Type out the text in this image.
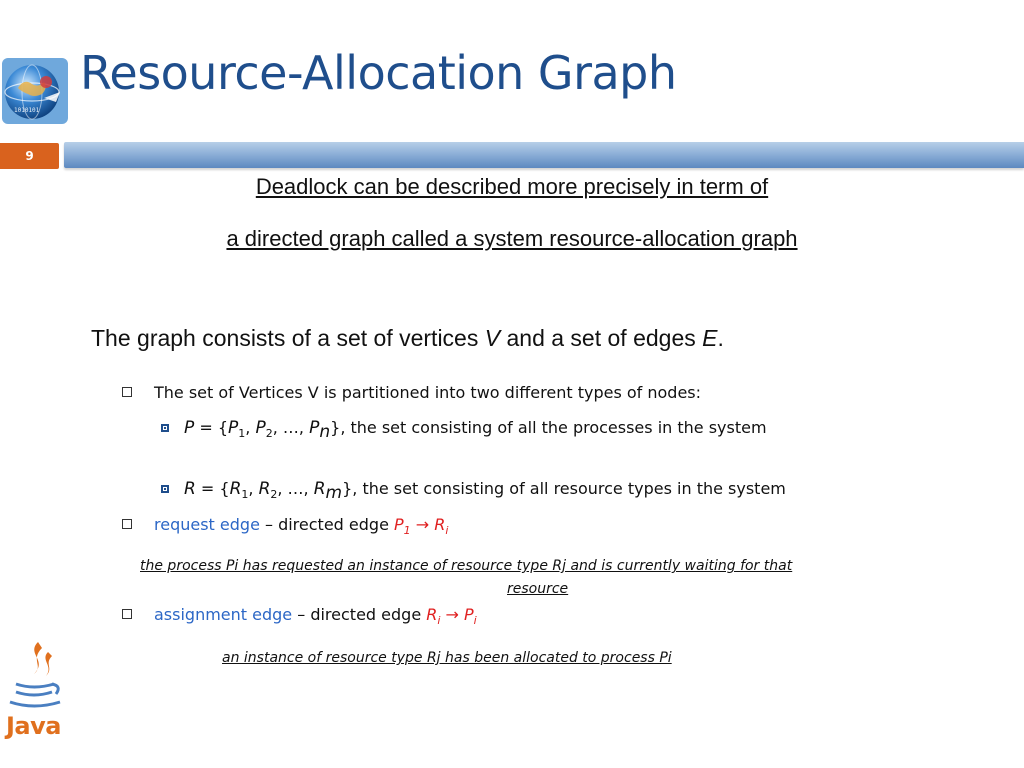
1010101
Resource-Allocation Graph
9
Deadlock can be described more precisely in term of
a directed graph called a system resource-allocation graph
The graph consists of a set of vertices V and a set of edges E.
The set of Vertices V is partitioned into two different types of nodes:
$P = \{P_1$, $P_2$, …, $P_n$}, the set consisting of all the processes in the system
$R = \{R_1$, $R_2$, …, $R_m$}, the set consisting of all resource types in the system
request edge – directed edge $P_1 \to R_i$
the process Pi has requested an instance of resource type Rj and is currently waiting for that
resource
assignment edge – directed edge $R_i \to P_i$
an instance of resource type Rj has been allocated to process Pi
Java
